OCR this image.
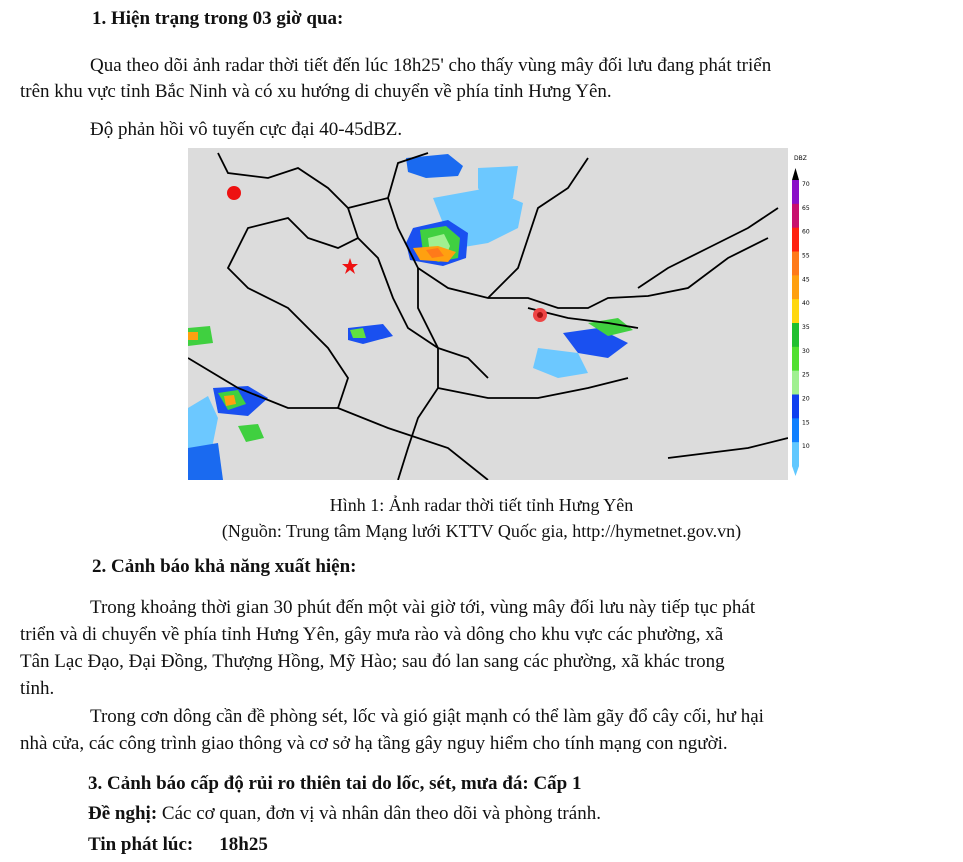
1. Hiện trạng trong 03 giờ qua:
Qua theo dõi ảnh radar thời tiết đến lúc 18h25' cho thấy vùng mây đối lưu đang phát triển
trên khu vực tỉnh Bắc Ninh và có xu hướng di chuyển về phía tỉnh Hưng Yên.
Độ phản hồi vô tuyến cực đại 40-45dBZ.
DBZ
70
65
60
55
45
40
35
30
25
20
15
10
Hình 1: Ảnh radar thời tiết tỉnh Hưng Yên
(Nguồn: Trung tâm Mạng lưới KTTV Quốc gia, http://hymetnet.gov.vn)
2. Cảnh báo khả năng xuất hiện:
Trong khoảng thời gian 30 phút đến một vài giờ tới, vùng mây đối lưu này tiếp tục phát
triển và di chuyển về phía tỉnh Hưng Yên, gây mưa rào và dông cho khu vực các phường, xã
Tân Lạc Đạo, Đại Đồng, Thượng Hồng, Mỹ Hào; sau đó lan sang các phường, xã khác trong
tỉnh.
Trong cơn dông cần đề phòng sét, lốc và gió giật mạnh có thể làm gãy đổ cây cối, hư hại
nhà cửa, các công trình giao thông và cơ sở hạ tầng gây nguy hiểm cho tính mạng con người.
3. Cảnh báo cấp độ rủi ro thiên tai do lốc, sét, mưa đá: Cấp 1
Đề nghị: Các cơ quan, đơn vị và nhân dân theo dõi và phòng tránh.
Tin phát lúc: 18h25
